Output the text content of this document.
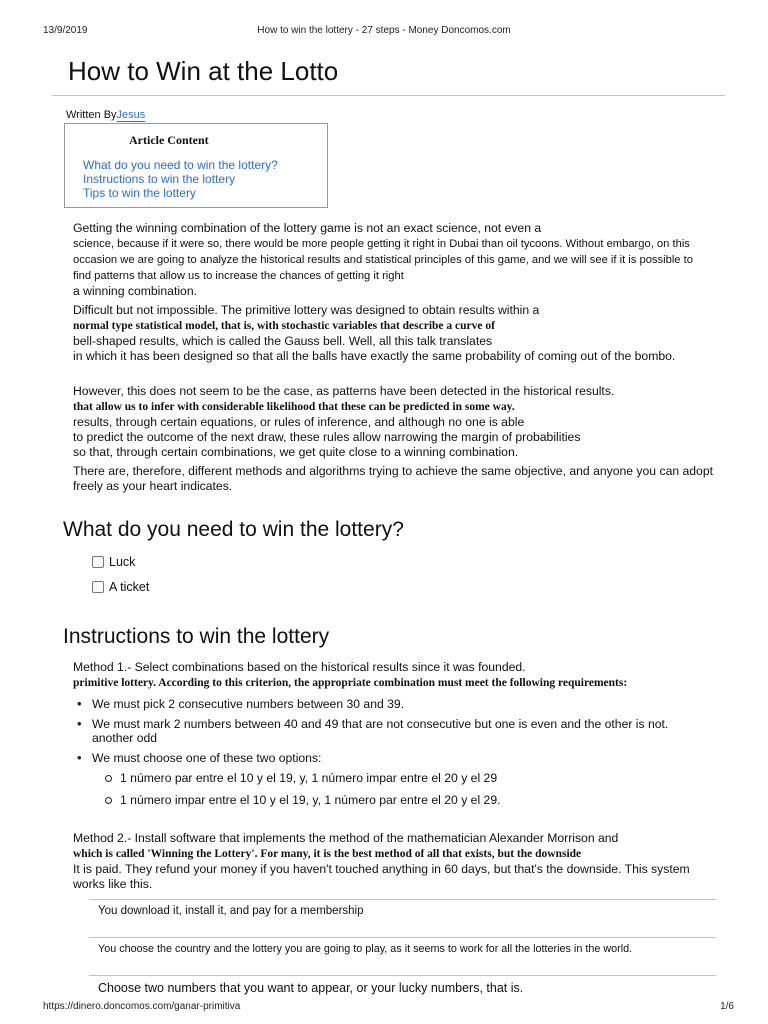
13/9/2019	How to win the lottery - 27 steps - Money Doncomos.com
How to Win at the Lotto
Written ByJesus
Article Content
What do you need to win the lottery?
Instructions to win the lottery
Tips to win the lottery

Getting the winning combination of the lottery game is not an exact science, not even a
science, because if it were so, there would be more people getting it right in Dubai than oil tycoons. Without embargo, on this occasion we are going to analyze the historical results and statistical principles of this game, and we will see if it is possible to find patterns that allow us to increase the chances of getting it right
a winning combination.

Difficult but not impossible. The primitive lottery was designed to obtain results within a
normal type statistical model, that is, with stochastic variables that describe a curve of
bell-shaped results, which is called the Gauss bell. Well, all this talk translates
in which it has been designed so that all the balls have exactly the same probability of coming out of the bombo.

However, this does not seem to be the case, as patterns have been detected in the historical results.
that allow us to infer with considerable likelihood that these can be predicted in some way.
results, through certain equations, or rules of inference, and although no one is able
to predict the outcome of the next draw, these rules allow narrowing the margin of probabilities
so that, through certain combinations, we get quite close to a winning combination.

There are, therefore, different methods and algorithms trying to achieve the same objective, and anyone you can adopt freely as your heart indicates.

What do you need to win the lottery?
Luck
A ticket
Instructions to win the lottery

Method 1.- Select combinations based on the historical results since it was founded.
primitive lottery. According to this criterion, the appropriate combination must meet the following requirements:

• We must pick 2 consecutive numbers between 30 and 39.
• We must mark 2 numbers between 40 and 49 that are not consecutive but one is even and the other is not. another odd
• We must choose one of these two options:
1 número par entre el 10 y el 19, y, 1 número impar entre el 20 y el 29
1 número impar entre el 10 y el 19, y, 1 número par entre el 20 y el 29.

Method 2.- Install software that implements the method of the mathematician Alexander Morrison and
which is called 'Winning the Lottery'. For many, it is the best method of all that exists, but the downside
It is paid. They refund your money if you haven't touched anything in 60 days, but that's the downside. This system works like this.

You download it, install it, and pay for a membership
You choose the country and the lottery you are going to play, as it seems to work for all the lotteries in the world.
Choose two numbers that you want to appear, or your lucky numbers, that is.
https://dinero.doncomos.com/ganar-primitiva	1/6
